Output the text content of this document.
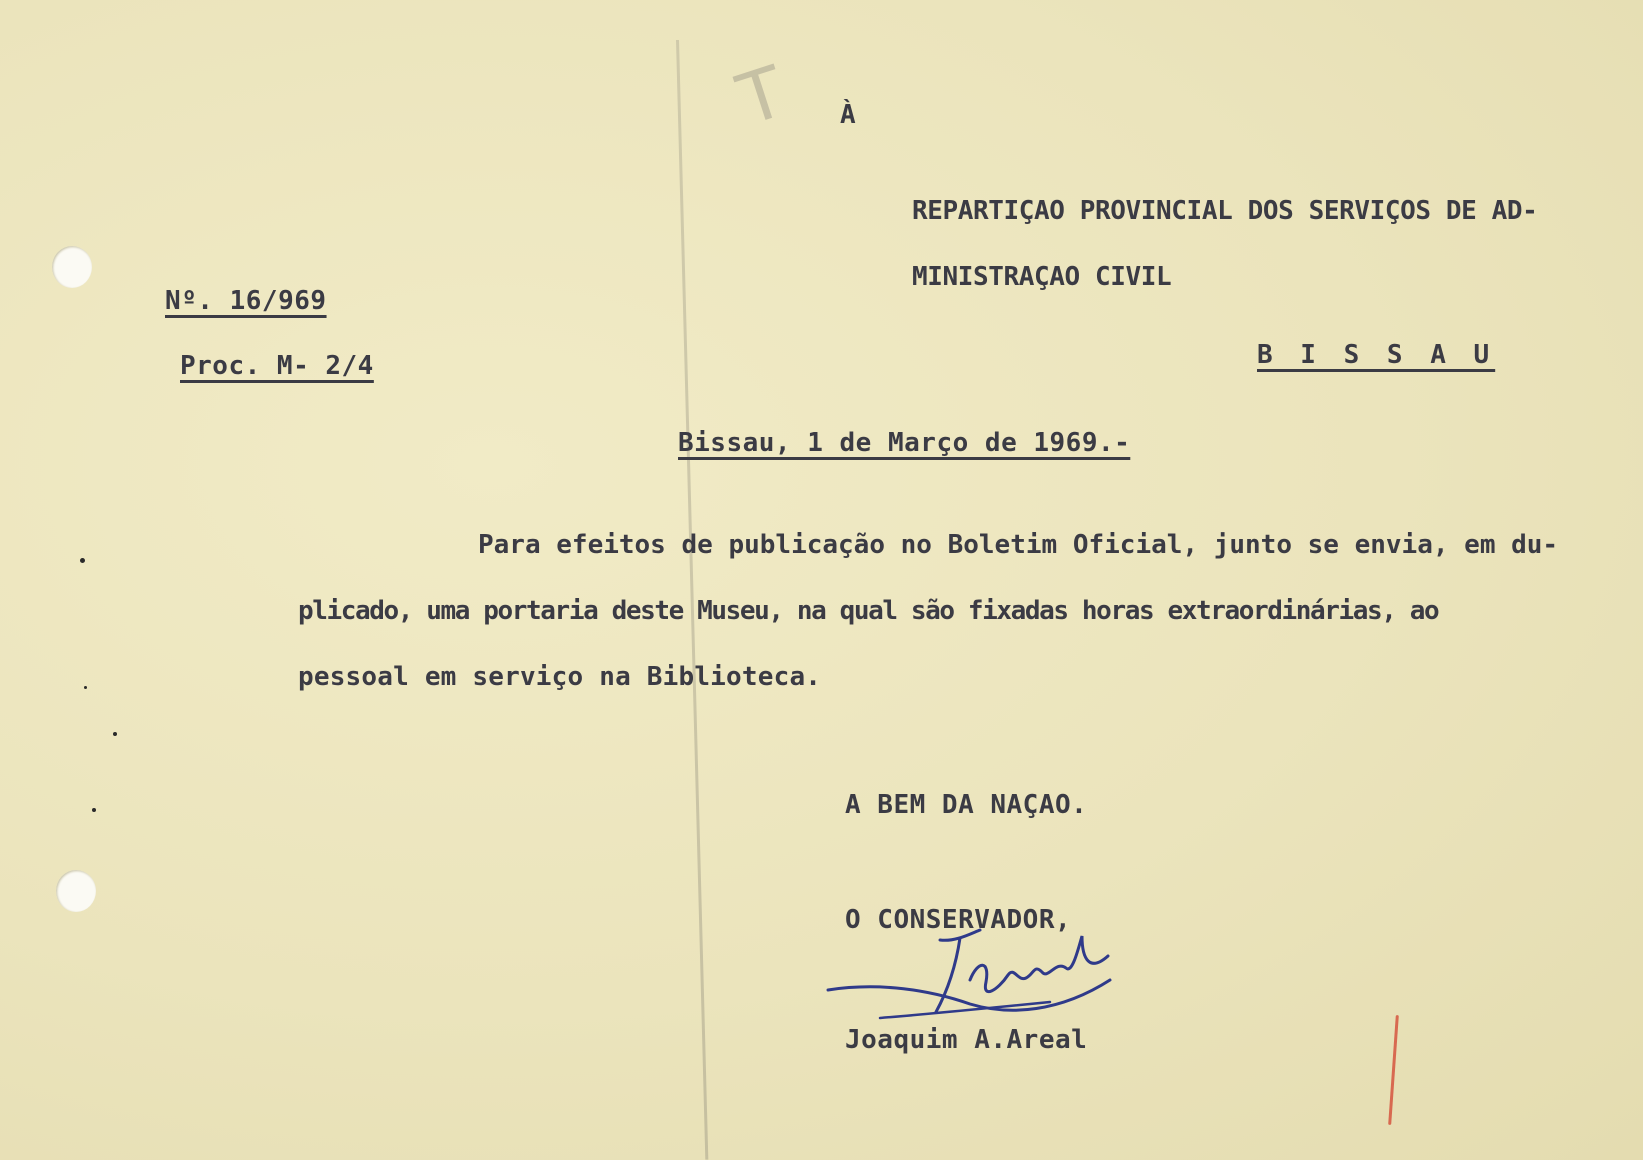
T À
REPARTIÇAO PROVINCIAL DOS SERVIÇOS DE AD-
MINISTRAÇAO CIVIL
Nº. 16/969
Proc. M- 2/4	B I S S A U
Bissau, 1 de Março de 1969.-
Para efeitos de publicação no Boletim Oficial, junto se envia, em du-
plicado, uma portaria deste Museu, na qual são fixadas horas extraordinárias, ao
pessoal em serviço na Biblioteca.
A BEM DA NAÇAO.
O CONSERVADOR,
Joaquim A.Areal
